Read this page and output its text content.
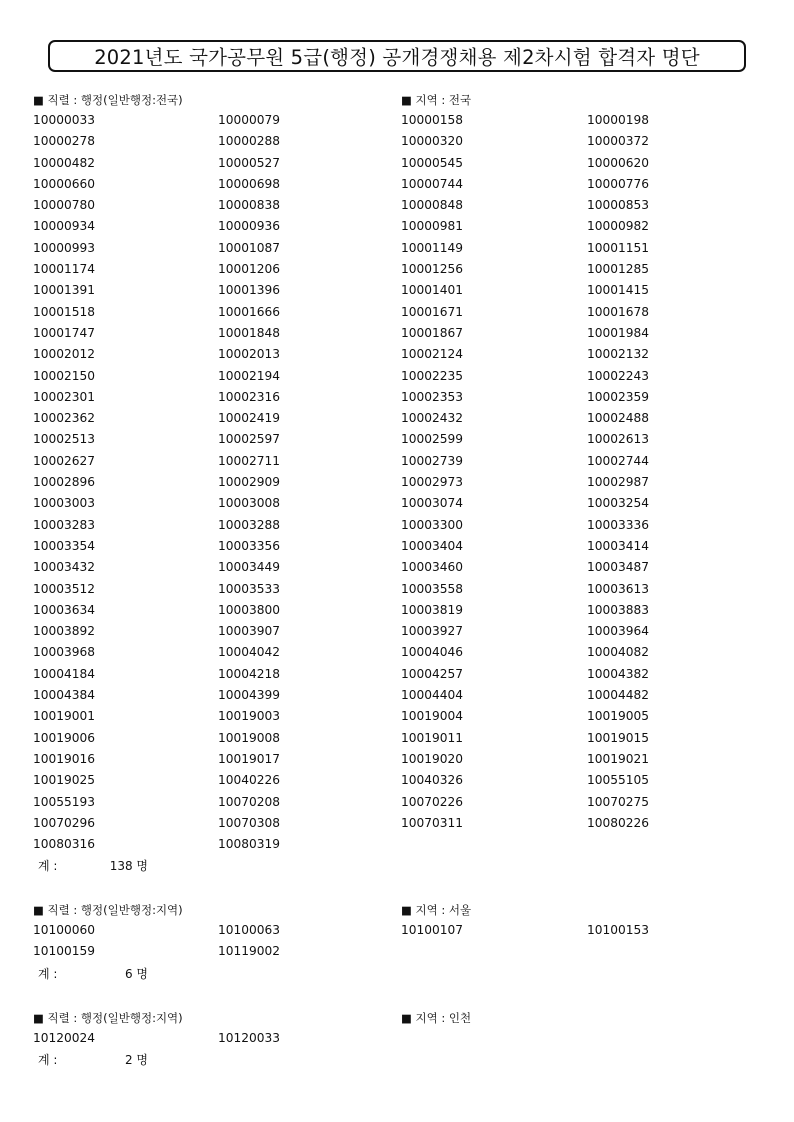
2021년도 국가공무원 5급(행정) 공개경쟁채용 제2차시험 합격자 명단
■ 직렬 : 행정(일반행정:전국)	■ 지역 : 전국
10000033	10000079	10000158	10000198
10000278	10000288	10000320	10000372
10000482	10000527	10000545	10000620
10000660	10000698	10000744	10000776
10000780	10000838	10000848	10000853
10000934	10000936	10000981	10000982
10000993	10001087	10001149	10001151
10001174	10001206	10001256	10001285
10001391	10001396	10001401	10001415
10001518	10001666	10001671	10001678
10001747	10001848	10001867	10001984
10002012	10002013	10002124	10002132
10002150	10002194	10002235	10002243
10002301	10002316	10002353	10002359
10002362	10002419	10002432	10002488
10002513	10002597	10002599	10002613
10002627	10002711	10002739	10002744
10002896	10002909	10002973	10002987
10003003	10003008	10003074	10003254
10003283	10003288	10003300	10003336
10003354	10003356	10003404	10003414
10003432	10003449	10003460	10003487
10003512	10003533	10003558	10003613
10003634	10003800	10003819	10003883
10003892	10003907	10003927	10003964
10003968	10004042	10004046	10004082
10004184	10004218	10004257	10004382
10004384	10004399	10004404	10004482
10019001	10019003	10019004	10019005
10019006	10019008	10019011	10019015
10019016	10019017	10019020	10019021
10019025	10040226	10040326	10055105
10055193	10070208	10070226	10070275
10070296	10070308	10070311	10080226
10080316	10080319
계 :	138 명
■ 직렬 : 행정(일반행정:지역)	■ 지역 : 서울
10100060	10100063	10100107	10100153
10100159	10119002
계 :	6 명
■ 직렬 : 행정(일반행정:지역)	■ 지역 : 인천
10120024	10120033
계 :	2 명
